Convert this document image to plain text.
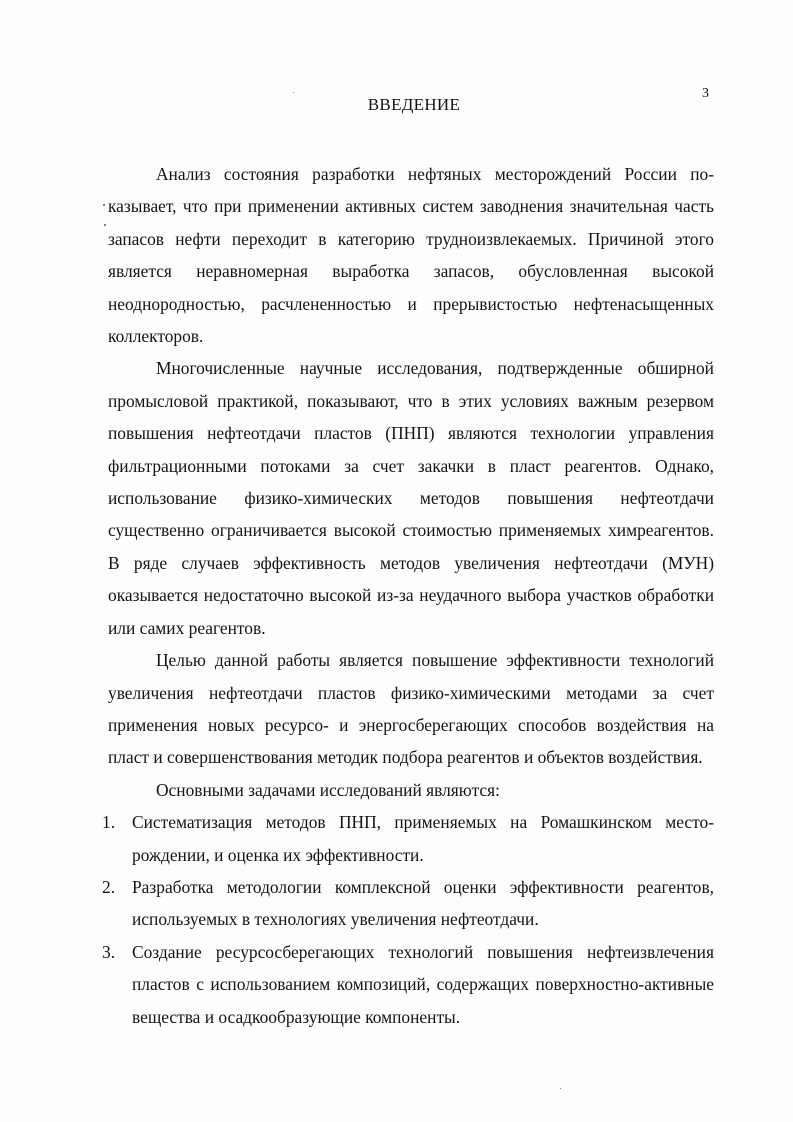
3
ВВЕДЕНИЕ

Анализ состояния разработки нефтяных месторождений России показывает, что при применении активных систем заводнения значительная часть запасов нефти переходит в категорию трудноизвлекаемых. Причиной этого является неравномерная выработка запасов, обусловленная высокой неоднородностью, расчлененностью и прерывистостью нефтенасыщенных коллекторов.

Многочисленные научные исследования, подтвержденные обширной промысловой практикой, показывают, что в этих условиях важным резервом повышения нефтеотдачи пластов (ПНП) являются технологии управления фильтрационными потоками за счет закачки в пласт реагентов. Однако, использование физико-химических методов повышения нефтеотдачи существенно ограничивается высокой стоимостью применяемых химреагентов. В ряде случаев эффективность методов увеличения нефтеотдачи (МУН) оказывается недостаточно высокой из-за неудачного выбора участков обработки или самих реагентов.

Целью данной работы является повышение эффективности технологий увеличения нефтеотдачи пластов физико-химическими методами за счет применения новых ресурсо- и энергосберегающих способов воздействия на пласт и совершенствования методик подбора реагентов и объектов воздействия.

Основными задачами исследований являются:

1. Систематизация методов ПНП, применяемых на Ромашкинском месторождении, и оценка их эффективности.
2. Разработка методологии комплексной оценки эффективности реагентов, используемых в технологиях увеличения нефтеотдачи.
3. Создание ресурсосберегающих технологий повышения нефтеизвлечения пластов с использованием композиций, содержащих поверхностно-активные вещества и осадкообразующие компоненты.
